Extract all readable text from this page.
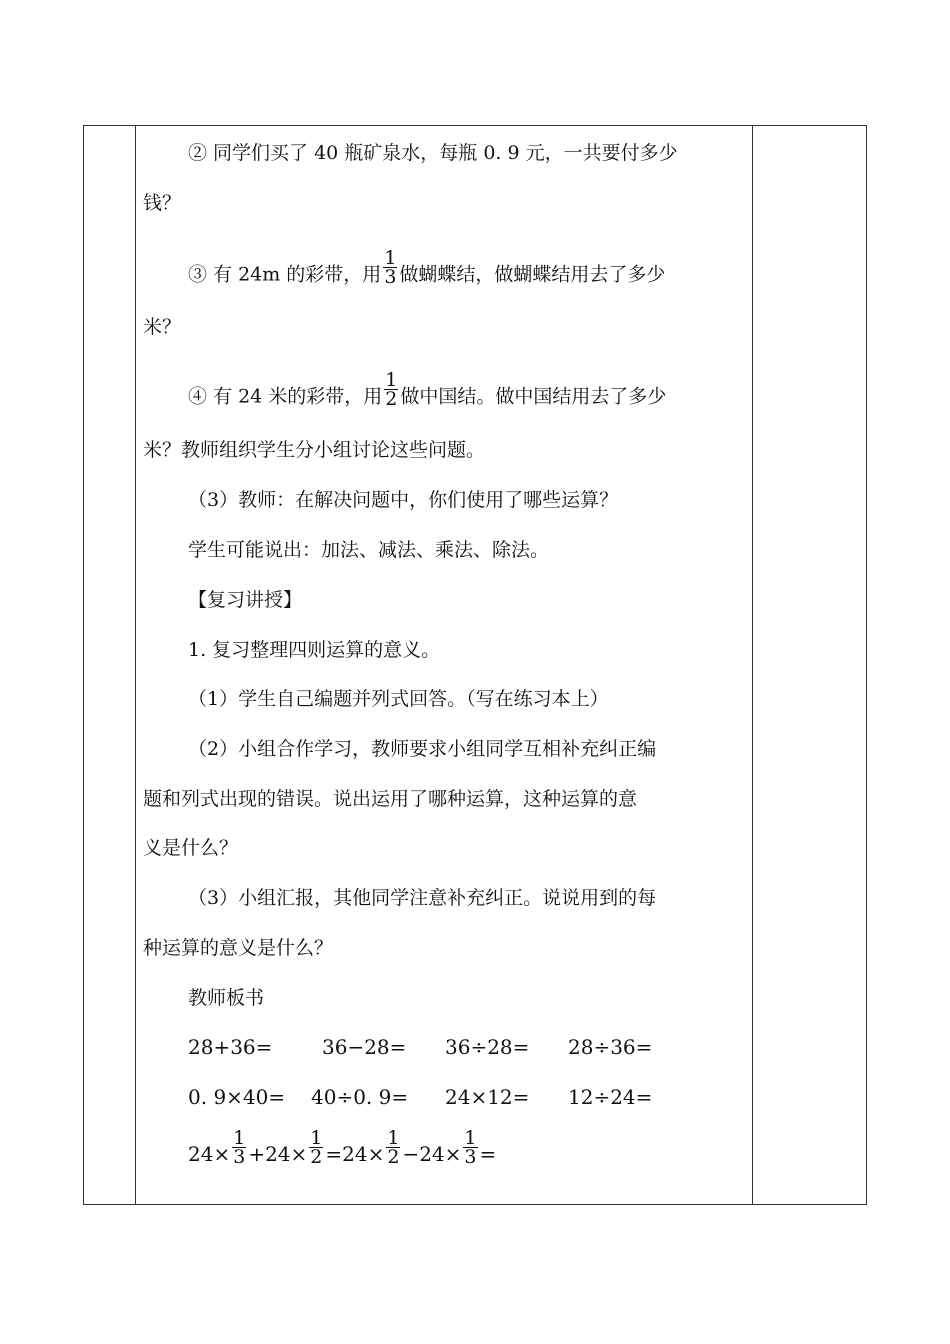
② 同学们买了 40 瓶矿泉水，每瓶 0. 9 元，一共要付多少
钱？
③ 有 24m 的彩带，用 $\frac{1}{3}$ 做蝴蝶结，做蝴蝶结用去了多少
米？
④ 有 24 米的彩带，用 $\frac{1}{2}$ 做中国结。做中国结用去了多少
米？教师组织学生分小组讨论这些问题。
（3）教师：在解决问题中，你们使用了哪些运算？
学生可能说出：加法、减法、乘法、除法。
【复习讲授】
1. 复习整理四则运算的意义。
（1）学生自己编题并列式回答。（写在练习本上）
（2）小组合作学习，教师要求小组同学互相补充纠正编
题和列式出现的错误。说出运用了哪种运算，这种运算的意
义是什么？
（3）小组汇报，其他同学注意补充纠正。说说用到的每
种运算的意义是什么？
教师板书
28+36= 36−28= 36÷28= 28÷36=
0. 9×40= 40÷0. 9= 24×12= 12÷24=
$24\times \frac{1}{3} +24\times \frac{1}{2} =24\times \frac{1}{2} -24\times \frac{1}{3}$ =
